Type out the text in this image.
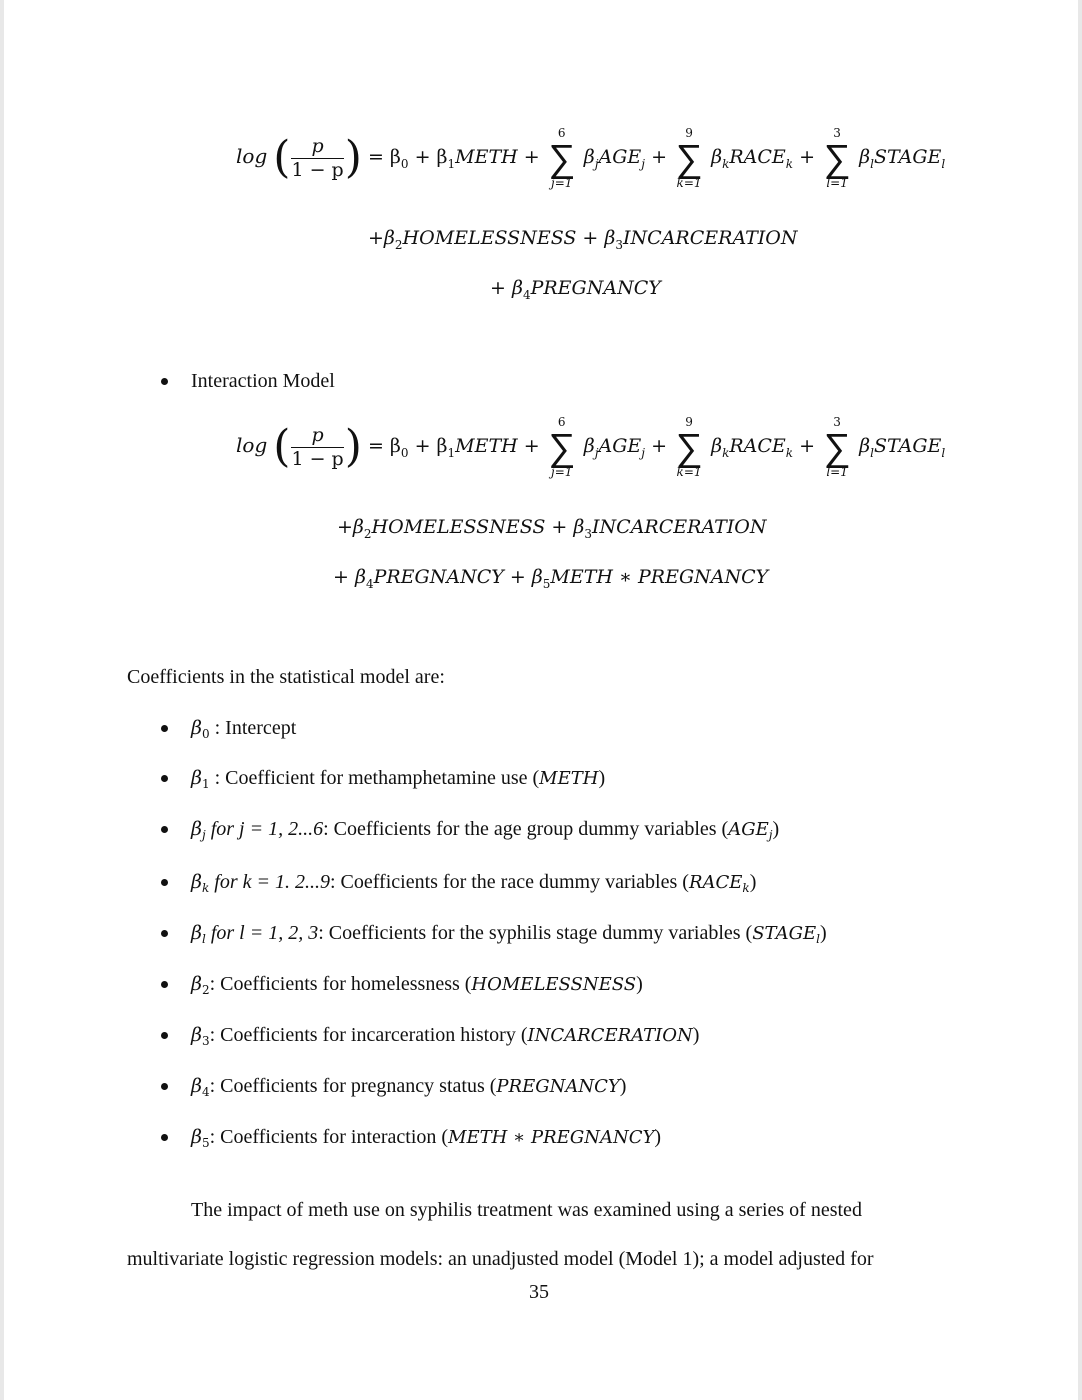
log ( $\frac{p}{1 - p}$ ) = $\beta_0$ + $\beta_1METH$ +
6
∑
j=1
$\beta_jAGE_j$ +
9
∑
k=1
$\beta_kRACE_k$ +
3
∑
l=1
$\beta_lSTAGE_l$
$+\beta_2HOMELESSNESS$ + $\beta_3INCARCERATION$
+ $\beta_4PREGNANCY$
Interaction Model
log ( $\frac{p}{1 - p}$ ) = $\beta_0$ + $\beta_1METH$ +
6
∑
j=1
$\beta_jAGE_j$ +
9
∑
k=1
$\beta_kRACE_k$ +
3
∑
l=1
$\beta_lSTAGE_l$
$+\beta_2HOMELESSNESS$ + $\beta_3INCARCERATION$
+ $\beta_4PREGNANCY$ + $\beta_5METH$ ∗ PREGNANCY
Coefficients in the statistical model are:
$\beta_0$ : Intercept
$\beta_1$ : Coefficient for methamphetamine use (METH)
$\beta_j$ for j = 1, 2...6: Coefficients for the age group dummy variables $(AGE_j)$
$\beta_k$ for k = 1. 2...9: Coefficients for the race dummy variables $(RACE_k)$
$\beta_l$ for l = 1, 2, 3: Coefficients for the syphilis stage dummy variables $(STAGE_l)$
$\beta_2$: Coefficients for homelessness (HOMELESSNESS)
$\beta_3$: Coefficients for incarceration history (INCARCERATION)
$\beta_4$: Coefficients for pregnancy status (PREGNANCY)
$\beta_5$: Coefficients for interaction (METH ∗ PREGNANCY)
The impact of meth use on syphilis treatment was examined using a series of nested
multivariate logistic regression models: an unadjusted model (Model 1); a model adjusted for
35
